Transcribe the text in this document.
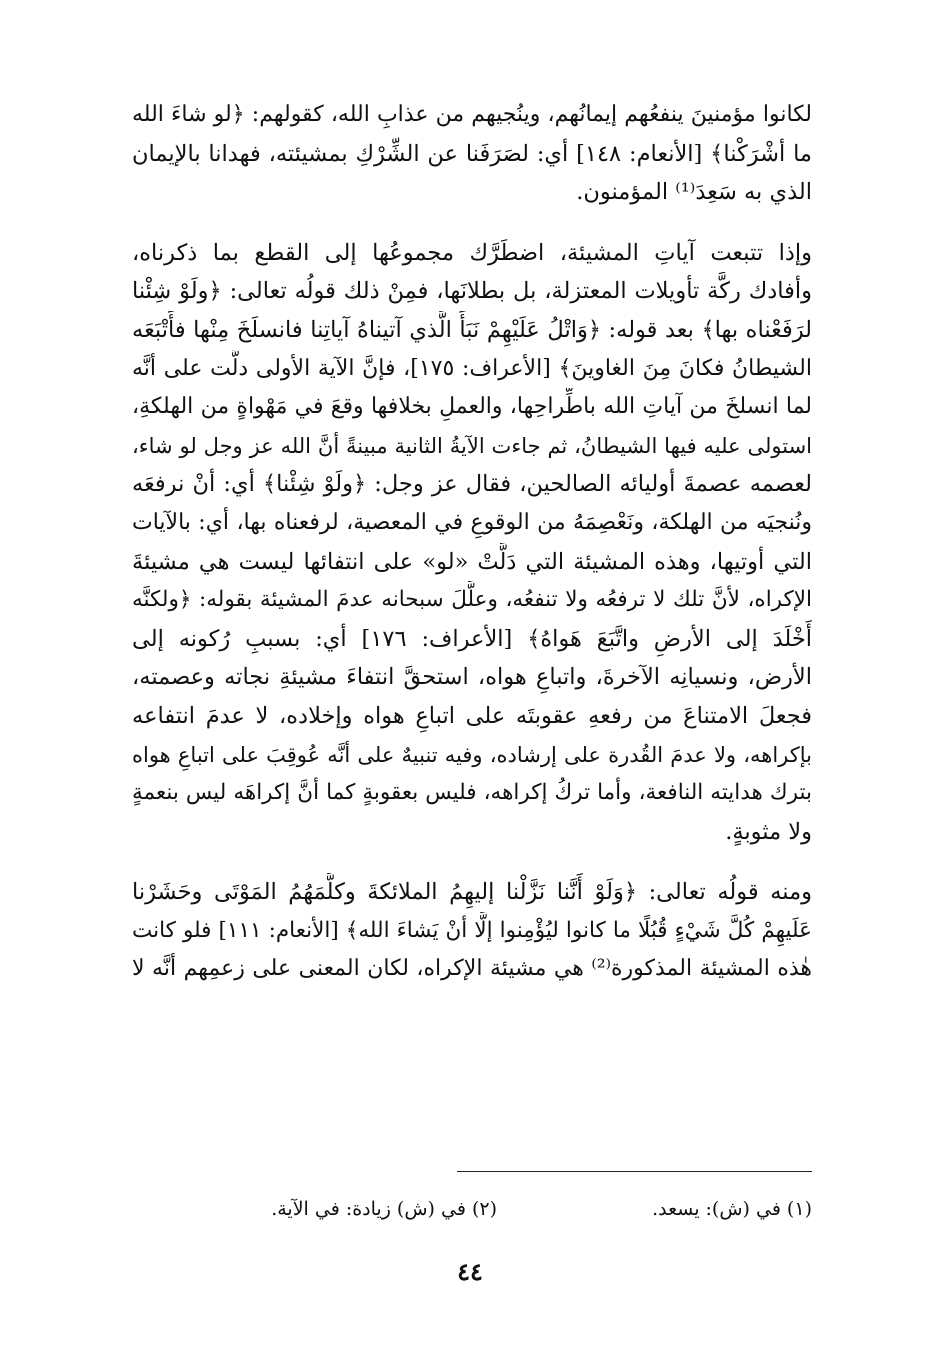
لكانوا مؤمنينَ ينفعُهم إيمانُهم، وينُجيهم من عذابِ الله، كقولهم: ﴿لو شاءَ الله
ما أشْرَكْنا﴾ [الأنعام: ١٤٨] أي: لصَرَفَنا عن الشِّرْكِ بمشيئته، فهدانا بالإيمان
الذي به سَعِدَ⁽¹⁾ المؤمنون.
وإذا تتبعت آياتِ المشيئة، اضطَرَّك مجموعُها إلى القطع بما ذكرناه،
وأفادك ركَّة تأويلات المعتزلة، بل بطلانَها، فمِنْ ذلك قولُه تعالى: ﴿ولَوْ شِئْنا
لرَفَعْناه بها﴾ بعد قوله: ﴿وَاتْلُ عَلَيْهِمْ نَبَأَ الَّذي آتيناهُ آياتِنا فانسلَخَ مِنْها فأَتْبَعَه
الشيطانُ فكانَ مِنَ الغاوينَ﴾ [الأعراف: ١٧٥]، فإنَّ الآية الأولى دلَّت على أنَّه
لما انسلخَ من آياتِ الله باطِّراحِها، والعملِ بخلافها وقعَ في مَهْواةٍ من الهلكةِ،
استولى عليه فيها الشيطانُ، ثم جاءت الآيةُ الثانية مبينةً أنَّ الله عز وجل لو شاء،
لعصمه عصمةَ أوليائه الصالحين، فقال عز وجل: ﴿ولَوْ شِئْنا﴾ أي: أنْ نرفعَه
ونُنجيَه من الهلكة، ونَعْصِمَهُ من الوقوعِ في المعصية، لرفعناه بها، أي: بالآيات
التي أوتيها، وهذه المشيئة التي دَلَّتْ «لو» على انتفائها ليست هي مشيئةَ
الإكراه، لأنَّ تلك لا ترفعُه ولا تنفعُه، وعلَّلَ سبحانه عدمَ المشيئة بقوله: ﴿ولكنَّه
أَخْلَدَ إلى الأرضِ واتَّبَعَ هَواهُ﴾ [الأعراف: ١٧٦] أي: بسببِ رُكونه إلى
الأرض، ونسيانِه الآخرةَ، واتباعِ هواه، استحقَّ انتفاءَ مشيئةِ نجاته وعصمته،
فجعلَ الامتناعَ من رفعهِ عقوبتَه على اتباعِ هواه وإخلاده، لا عدمَ انتفاعه
بإكراهه، ولا عدمَ القُدرة على إرشاده، وفيه تنبيهٌ على أنَّه عُوقِبَ على اتباعِ هواه
بترك هدايته النافعة، وأما تركُ إكراهه، فليس بعقوبةٍ كما أنَّ إكراهَه ليس بنعمةٍ
ولا مثوبةٍ.
ومنه قولُه تعالى: ﴿وَلَوْ أَنَّنا نَزَّلْنا إليهِمُ الملائكةَ وكلَّمَهُمُ المَوْتَى وحَشَرْنا
عَلَيهِمْ كُلَّ شَيْءٍ قُبُلًا ما كانوا ليُؤْمِنوا إلَّا أنْ يَشاءَ الله﴾ [الأنعام: ١١١] فلو كانت
هٰذه المشيئة المذكورة⁽²⁾ هي مشيئة الإكراه، لكان المعنى على زعمِهم أنَّه لا
(١) في (ش): يسعد.
(٢) في (ش) زيادة: في الآية.
٤٤
